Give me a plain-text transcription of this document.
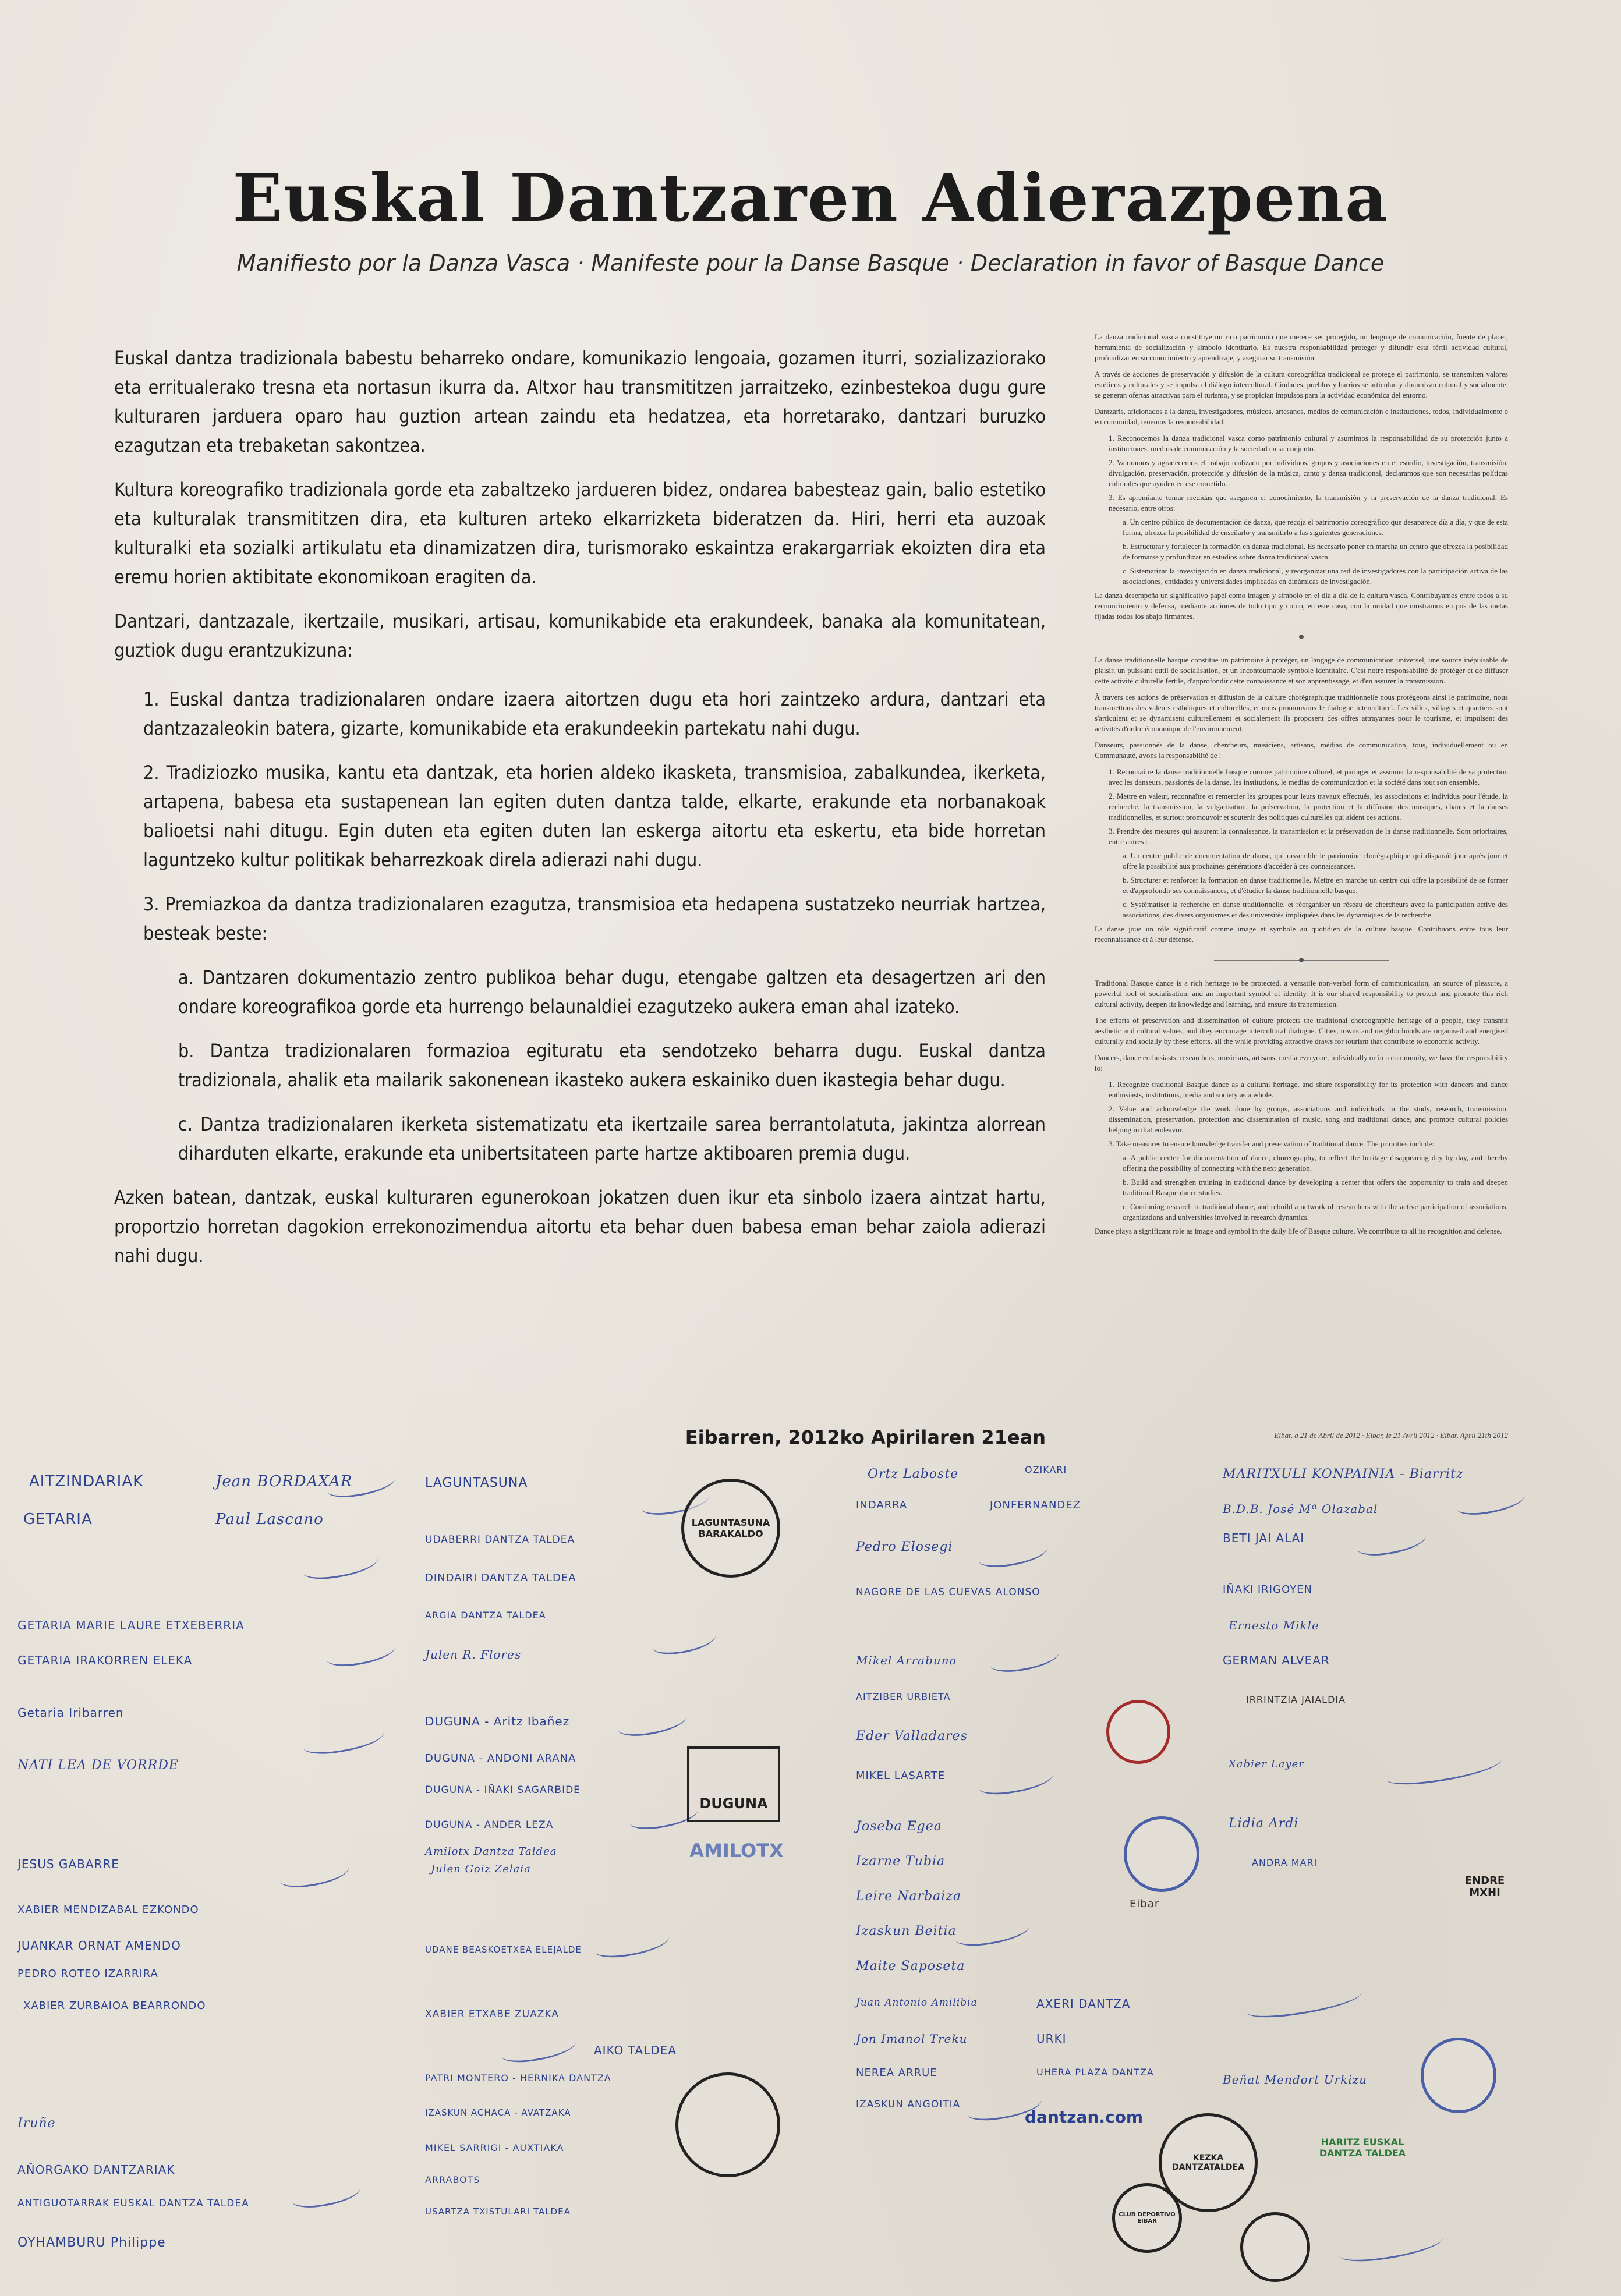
Euskal Dantzaren Adierazpena
Manifiesto por la Danza Vasca · Manifeste pour la Danse Basque · Declaration in favor of Basque Dance

Euskal dantza tradizionala babestu beharreko ondare, komunikazio lengoaia, gozamen iturri, sozializaziorako eta erritualerako tresna eta nortasun ikurra da. Altxor hau transmititzen jarraitzeko, ezinbestekoa dugu gure kulturaren jarduera oparo hau guztion artean zaindu eta hedatzea, eta horretarako, dantzari buruzko ezagutzan eta trebaketan sakontzea.

Kultura koreografiko tradizionala gorde eta zabaltzeko jardueren bidez, ondarea babesteaz gain, balio estetiko eta kulturalak transmititzen dira, eta kulturen arteko elkarrizketa bideratzen da. Hiri, herri eta auzoak kulturalki eta sozialki artikulatu eta dinamizatzen dira, turismorako eskaintza erakargarriak ekoizten dira eta eremu horien aktibitate ekonomikoan eragiten da.

Dantzari, dantzazale, ikertzaile, musikari, artisau, komunikabide eta erakundeek, banaka ala komunitatean, guztiok dugu erantzukizuna:

1. Euskal dantza tradizionalaren ondare izaera aitortzen dugu eta hori zaintzeko ardura, dantzari eta dantzazaleokin batera, gizarte, komunikabide eta erakundeekin partekatu nahi dugu.

2. Tradiziozko musika, kantu eta dantzak, eta horien aldeko ikasketa, transmisioa, zabalkundea, ikerketa, artapena, babesa eta sustapenean lan egiten duten dantza talde, elkarte, erakunde eta norbanakoak balioetsi nahi ditugu. Egin duten eta egiten duten lan eskerga aitortu eta eskertu, eta bide horretan laguntzeko kultur politikak beharrezkoak direla adierazi nahi dugu.

3. Premiazkoa da dantza tradizionalaren ezagutza, transmisioa eta hedapena sustatzeko neurriak hartzea, besteak beste:

a. Dantzaren dokumentazio zentro publikoa behar dugu, etengabe galtzen eta desagertzen ari den ondare koreografikoa gorde eta hurrengo belaunaldiei ezagutzeko aukera eman ahal izateko.

b. Dantza tradizionalaren formazioa egituratu eta sendotzeko beharra dugu. Euskal dantza tradizionala, ahalik eta mailarik sakonenean ikasteko aukera eskainiko duen ikastegia behar dugu.

c. Dantza tradizionalaren ikerketa sistematizatu eta ikertzaile sarea berrantolatuta, jakintza alorrean diharduten elkarte, erakunde eta unibertsitateen parte hartze aktiboaren premia dugu.

Azken batean, dantzak, euskal kulturaren egunerokoan jokatzen duen ikur eta sinbolo izaera aintzat hartu, proportzio horretan dagokion errekonozimendua aitortu eta behar duen babesa eman behar zaiola adierazi nahi dugu.

Eibarren, 2012ko Apirilaren 21ean

La danza tradicional vasca constituye un rico patrimonio que merece ser protegido, un lenguaje de comunicación, fuente de placer, herramienta de socialización y símbolo identitario. Es nuestra responsabilidad proteger y difundir esta fértil actividad cultural, profundizar en su conocimiento y aprendizaje, y asegurar su transmisión.

A través de acciones de preservación y difusión de la cultura coreográfica tradicional se protege el patrimonio, se transmiten valores estéticos y culturales y se impulsa el diálogo intercultural. Ciudades, pueblos y barrios se articulan y dinamizan cultural y socialmente, se generan ofertas atractivas para el turismo, y se propician impulsos para la actividad económica del entorno.

Dantzaris, aficionados a la danza, investigadores, músicos, artesanos, medios de comunicación e instituciones, todos, individualmente o en comunidad, tenemos la responsabilidad:

1. Reconocemos la danza tradicional vasca como patrimonio cultural y asumimos la responsabilidad de su protección junto a instituciones, medios de comunicación y la sociedad en su conjunto.

2. Valoramos y agradecemos el trabajo realizado por individuos, grupos y asociaciones en el estudio, investigación, transmisión, divulgación, preservación, protección y difusión de la música, canto y danza tradicional, declaramos que son necesarias políticas culturales que ayuden en ese cometido.

3. Es apremiante tomar medidas que aseguren el conocimiento, la transmisión y la preservación de la danza tradicional. Es necesario, entre otros:

a. Un centro público de documentación de danza, que recoja el patrimonio coreográfico que desaparece día a día, y que de esta forma, ofrezca la posibilidad de enseñarlo y transmitirlo a las siguientes generaciones.

b. Estructurar y fortalecer la formación en danza tradicional. Es necesario poner en marcha un centro que ofrezca la posibilidad de formarse y profundizar en estudios sobre danza tradicional vasca.

c. Sistematizar la investigación en danza tradicional, y reorganizar una red de investigadores con la participación activa de las asociaciones, entidades y universidades implicadas en dinámicas de investigación.

La danza desempeña un significativo papel como imagen y símbolo en el día a día de la cultura vasca. Contribuyamos entre todos a su reconocimiento y defensa, mediante acciones de todo tipo y como, en este caso, con la unidad que mostramos en pos de las metas fijadas todos los abajo firmantes.

La danse traditionnelle basque constitue un patrimoine à protéger, un langage de communication universel, une source inépuisable de plaisir, un puissant outil de socialisation, et un incontournable symbole identitaire. C'est notre responsabilité de protéger et de diffuser cette activité culturelle fertile, d'approfondir cette connaissance et son apprentissage, et d'en assurer la transmission.

À travers ces actions de préservation et diffusion de la culture chorégraphique traditionnelle nous protégeons ainsi le patrimoine, nous transmettons des valeurs esthétiques et culturelles, et nous promouvons le dialogue interculturel. Les villes, villages et quartiers sont s'articulent et se dynamisent culturellement et socialement ils proposent des offres attrayantes pour le tourisme, et impulsent des activités d'ordre économique de l'environnement.

Danseurs, passionnés de la danse, chercheurs, musiciens, artisans, médias de communication, tous, individuellement ou en Communauté, avons la responsabilité de :

1. Reconnaître la danse traditionnelle basque comme patrimoine culturel, et partager et assumer la responsabilité de sa protection avec les danseurs, passionés de la danse, les institutions, le medias de communication et la société dans tout son ensemble.

2. Mettre en valeur, reconnaître et remercier les groupes pour leurs travaux effectués, les associations et individus pour l'étude, la recherche, la transmission, la vulgarisation, la préservation, la protection et la diffusion des musiques, chants et la danses traditionnelles, et surtout promouvoir et soutenir des politiques culturelles qui aident ces actions.

3. Prendre des mesures qui assurent la connaissance, la transmission et la préservation de la danse traditionnelle. Sont prioritaires, entre autres :

a. Un centre public de documentation de danse, qui rassemble le patrimoine chorégraphique qui disparaît jour après jour et offre la possibilité aux prochaines générations d'accéder à ces connaissances.

b. Structurer et renforcer la formation en danse traditionnelle. Mettre en marche un centre qui offre la possibilité de se former et d'approfondir ses connaissances, et d'étudier la danse traditionnelle basque.

c. Systématiser la recherche en danse traditionnelle, et réorganiser un réseau de chercheurs avec la participation active des associations, des divers organismes et des universités impliquées dans les dynamiques de la recherche.

La danse joue un rôle significatif comme image et symbole au quotidien de la culture basque. Contribuons entre tous leur reconnaissance et à leur défense.

Traditional Basque dance is a rich heritage to be protected, a versatile non-verbal form of communication, an source of pleasure, a powerful tool of socialisation, and an important symbol of identity. It is our shared responsibility to protect and promote this rich cultural activity, deepen its knowledge and learning, and ensure its transmission.

The efforts of preservation and dissemination of culture protects the traditional choreographic heritage of a people, they transmit aesthetic and cultural values, and they encourage intercultural dialogue. Cities, towns and neighborhoods are organised and energised culturally and socially by these efforts, all the while providing attractive draws for tourism that contribute to economic activity.

Dancers, dance enthusiasts, researchers, musicians, artisans, media everyone, individually or in a community, we have the responsibility to:

1. Recognize traditional Basque dance as a cultural heritage, and share responsibility for its protection with dancers and dance enthusiasts, institutions, media and society as a whole.

2. Value and acknowledge the work done by groups, associations and individuals in the study, research, transmission, dissemination, preservation, protection and dissemination of music, song and traditional dance, and promote cultural policies helping in that endeavor.

3. Take measures to ensure knowledge transfer and preservation of traditional dance. The priorities include:

a. A public center for documentation of dance, choreography, to reflect the heritage disappearing day by day, and thereby offering the possibility of connecting with the next generation.

b. Build and strengthen training in traditional dance by developing a center that offers the opportunity to train and deepen traditional Basque dance studies.

c. Continuing research in traditional dance, and rebuild a network of researchers with the active participation of associations, organizations and universities involved in research dynamics.

Dance plays a significant role as image and symbol in the daily life of Basque culture. We contribute to all its recognition and defense.

Eibar, a 21 de Abril de 2012 · Eibar, le 21 Avril 2012 · Eibar, April 21th 2012
AITZINDARIAK	Jean BORDAXAR
GETARIA	Paul Lascano
GETARIA MARIE LAURE ETXEBERRIA
GETARIA IRAKORREN ELEKA
Getaria Iribarren
NATI LEA DE VORRDE
JESUS GABARRE
XABIER MENDIZABAL EZKONDO
JUANKAR ORNAT AMENDO
PEDRO ROTEO IZARRIRA
XABIER ZURBAIOA BEARRONDO
Iruñe
AÑORGAKO DANTZARIAK
ANTIGUOTARRAK EUSKAL DANTZA TALDEA
OYHAMBURU Philippe
LAGUNTASUNA
UDABERRI DANTZA TALDEA
DINDAIRI DANTZA TALDEA
ARGIA DANTZA TALDEA
Julen R. Flores
DUGUNA - Aritz Ibañez
DUGUNA - ANDONI ARANA
DUGUNA - IÑAKI SAGARBIDE
DUGUNA - ANDER LEZA
Amilotx Dantza Taldea
Julen Goiz Zelaia
UDANE BEASKOETXEA ELEJALDE
XABIER ETXABE ZUAZKA
AIKO TALDEA
PATRI MONTERO - HERNIKA DANTZA
IZASKUN ACHACA - AVATZAKA
MIKEL SARRIGI - AUXTIAKA
ARRABOTS
USARTZA TXISTULARI TALDEA
LAGUNTASUNA BARAKALDO
DUGUNA
AMILOTX
Ortz Laboste	OZIKARI
INDARRA	JONFERNANDEZ
Pedro Elosegi
NAGORE DE LAS CUEVAS ALONSO
Mikel Arrabuna
AITZIBER URBIETA
Eder Valladares
MIKEL LASARTE
Joseba Egea
Izarne Tubia
Leire Narbaiza
Izaskun Beitia
Maite Saposeta
Juan Antonio Amilibia	AXERI DANTZA
Jon Imanol Treku	URKI
NEREA ARRUE	UHERA PLAZA DANTZA
IZASKUN ANGOITIA
Eibar
dantzan.com
KEZKA DANTZATALDEA
CLUB DEPORTIVO EIBAR
MARITXULI KONPAINIA - Biarritz
B.D.B. José Mª Olazabal
BETI JAI ALAI
IÑAKI IRIGOYEN
Ernesto Mikle
GERMAN ALVEAR
IRRINTZIA JAIALDIA
Xabier Layer
Lidia Ardi
ANDRA MARI
Beñat Mendort Urkizu
ENDRE MXHI
HARITZ EUSKAL DANTZA TALDEA
